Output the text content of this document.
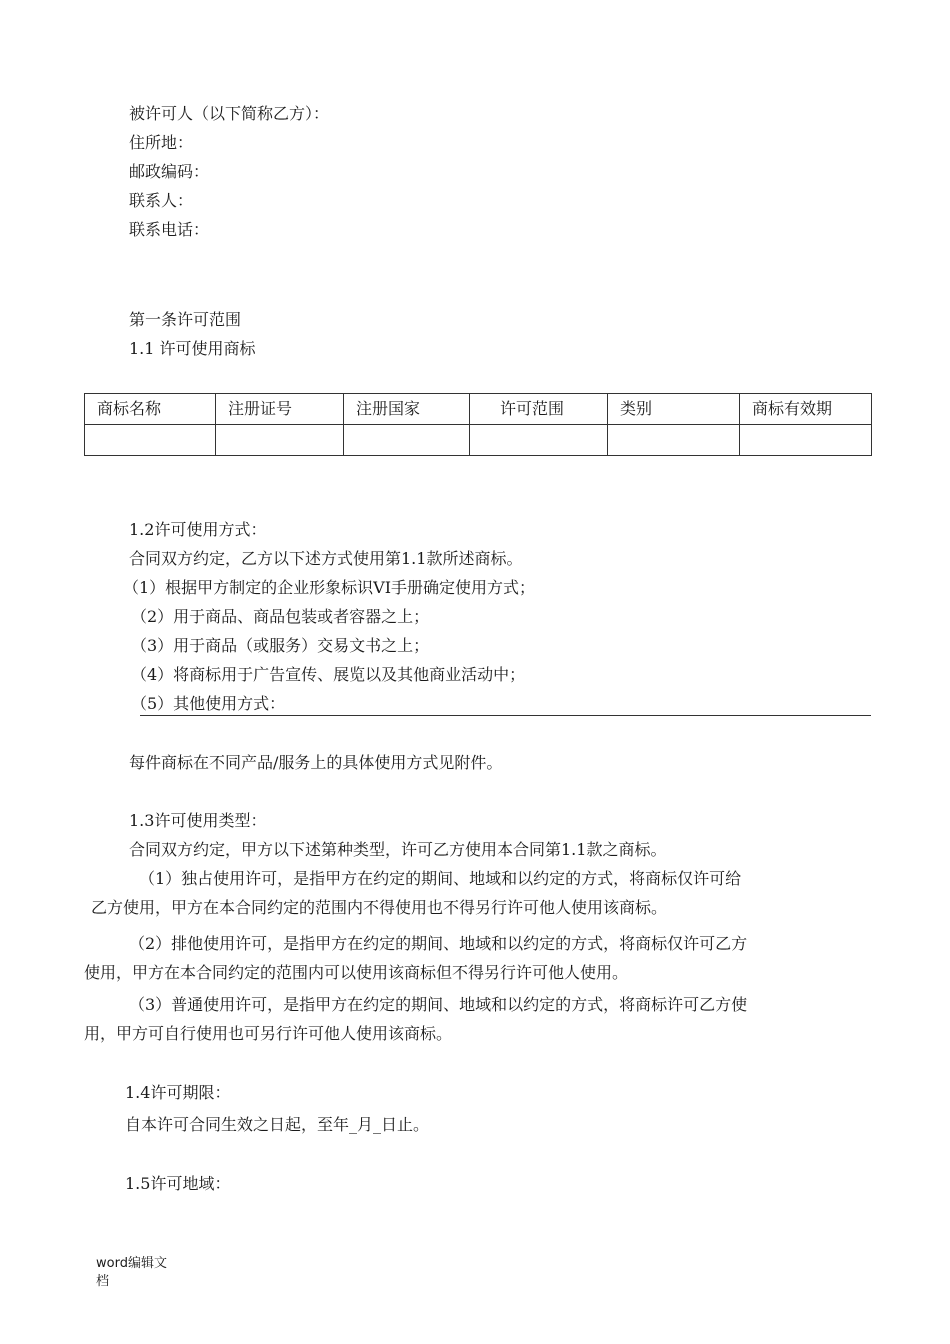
被许可人（以下简称乙方）：
住所地：
邮政编码：
联系人：
联系电话：
第一条许可范围
1.1 许可使用商标
商标名称	注册证号	注册国家	许可范围	类别	商标有效期

1.2许可使用方式：
合同双方约定，乙方以下述方式使用第1.1款所述商标。
（1）根据甲方制定的企业形象标识VI手册确定使用方式；
（2）用于商品、商品包装或者容器之上；
（3）用于商品（或服务）交易文书之上；
（4）将商标用于广告宣传、展览以及其他商业活动中；
（5）其他使用方式：
每件商标在不同产品/服务上的具体使用方式见附件。
1.3许可使用类型：
合同双方约定，甲方以下述第种类型，许可乙方使用本合同第1.1款之商标。
（1）独占使用许可，是指甲方在约定的期间、地域和以约定的方式，将商标仅许可给
乙方使用，甲方在本合同约定的范围内不得使用也不得另行许可他人使用该商标。
（2）排他使用许可，是指甲方在约定的期间、地域和以约定的方式，将商标仅许可乙方
使用，甲方在本合同约定的范围内可以使用该商标但不得另行许可他人使用。
（3）普通使用许可，是指甲方在约定的期间、地域和以约定的方式，将商标许可乙方使
用，甲方可自行使用也可另行许可他人使用该商标。
1.4许可期限：
自本许可合同生效之日起，至年_月_日止。
1.5许可地域：
word编辑文
档
